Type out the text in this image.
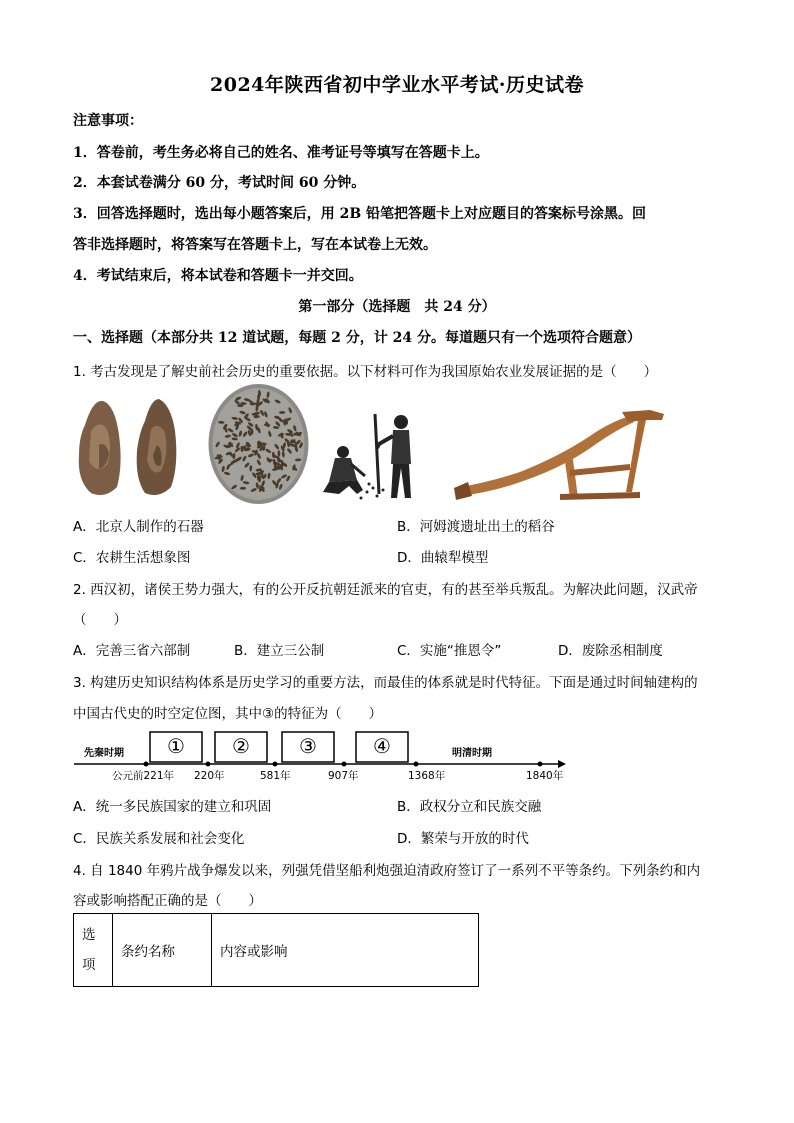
2024年陕西省初中学业水平考试·历史试卷
注意事项：
1．答卷前，考生务必将自己的姓名、准考证号等填写在答题卡上。
2．本套试卷满分 60 分，考试时间 60 分钟。
3．回答选择题时，选出每小题答案后，用 2B 铅笔把答题卡上对应题目的答案标号涂黑。回
答非选择题时，将答案写在答题卡上，写在本试卷上无效。
4．考试结束后，将本试卷和答题卡一并交回。
第一部分（选择题　共 24 分）
一、选择题（本部分共 12 道试题，每题 2 分，计 24 分。每道题只有一个选项符合题意）
1. 考古发现是了解史前社会历史的重要依据。以下材料可作为我国原始农业发展证据的是（　　）
A．北京人制作的石器	B．河姆渡遗址出土的稻谷
C．农耕生活想象图	D．曲辕犁模型
2. 西汉初，诸侯王势力强大，有的公开反抗朝廷派来的官吏，有的甚至举兵叛乱。为解决此问题，汉武帝
（　　）
A．完善三省六部制	B．建立三公制	C．实施“推恩令”	D．废除丞相制度
3. 构建历史知识结构体系是历史学习的重要方法，而最佳的体系就是时代特征。下面是通过时间轴建构的
中国古代史的时空定位图，其中③的特征为（　　）
先秦时期	明清时期
①	②	③	④
公元前221年 220年	581年	907年	1368年	1840年
A．统一多民族国家的建立和巩固	B．政权分立和民族交融
C．民族关系发展和社会变化	D．繁荣与开放的时代
4. 自 1840 年鸦片战争爆发以来，列强凭借坚船利炮强迫清政府签订了一系列不平等条约。下列条约和内
容或影响搭配正确的是（　　）
选项	条约名称	内容或影响
